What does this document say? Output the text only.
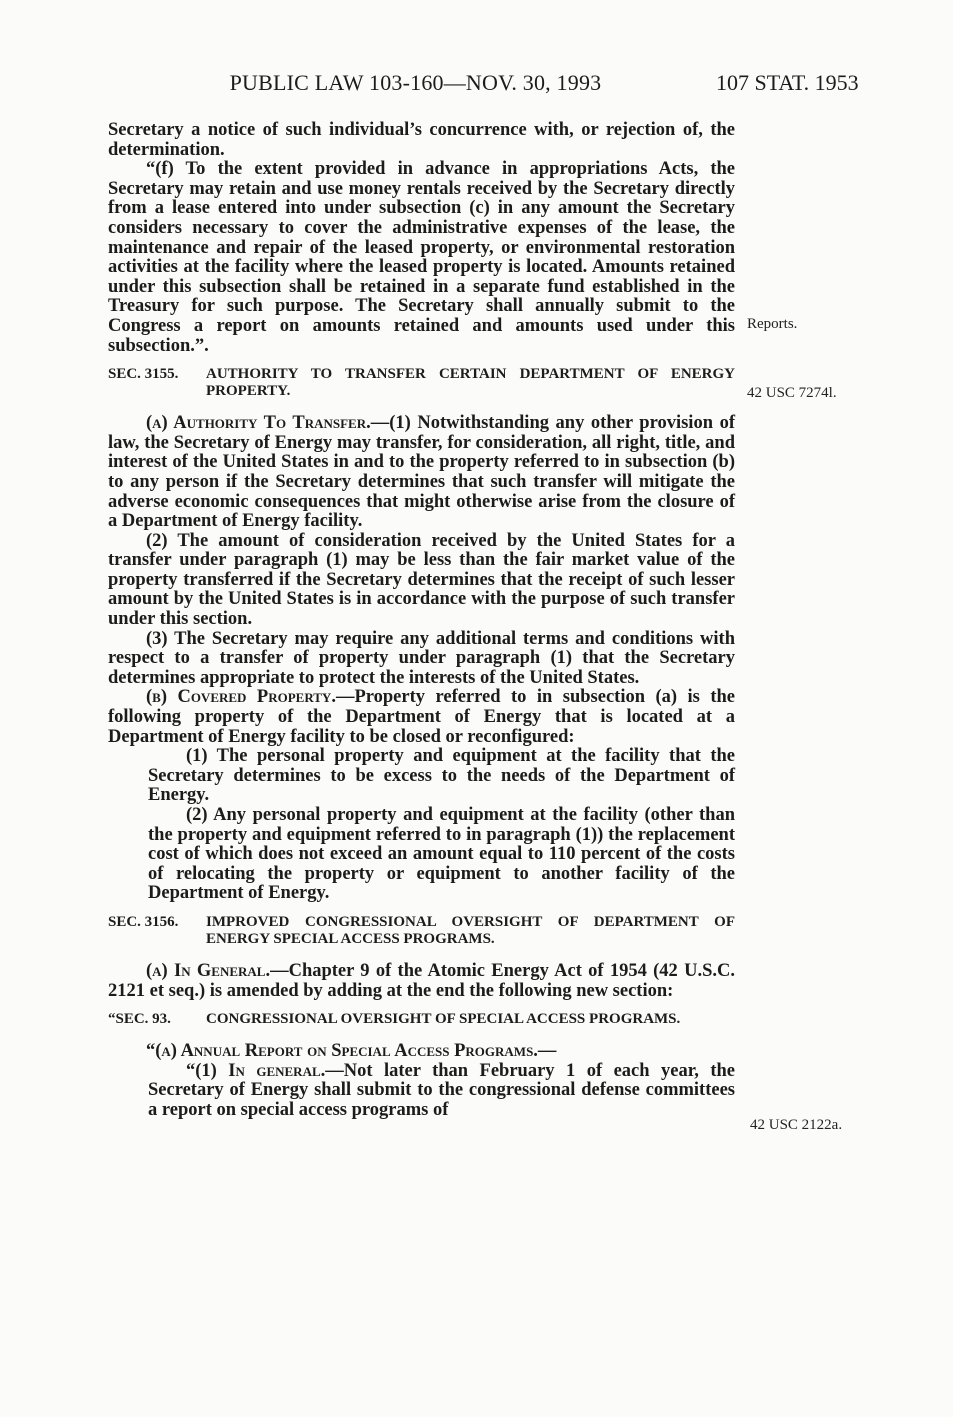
PUBLIC LAW 103-160—NOV. 30, 1993	107 STAT. 1953
Reports.
42 USC 7274l.
42 USC 2122a.

Secretary a notice of such individual’s concurrence with, or rejection of, the determination.

“(f) To the extent provided in advance in appropriations Acts, the Secretary may retain and use money rentals received by the Secretary directly from a lease entered into under subsection (c) in any amount the Secretary considers necessary to cover the administrative expenses of the lease, the maintenance and repair of the leased property, or environmental restoration activities at the facility where the leased property is located. Amounts retained under this subsection shall be retained in a separate fund established in the Treasury for such purpose. The Secretary shall annually submit to the Congress a report on amounts retained and amounts used under this subsection.”.

SEC. 3155. AUTHORITY TO TRANSFER CERTAIN DEPARTMENT OF ENERGY PROPERTY.

(a) Authority To Transfer.—(1) Notwithstanding any other provision of law, the Secretary of Energy may transfer, for consideration, all right, title, and interest of the United States in and to the property referred to in subsection (b) to any person if the Secretary determines that such transfer will mitigate the adverse economic consequences that might otherwise arise from the closure of a Department of Energy facility.

(2) The amount of consideration received by the United States for a transfer under paragraph (1) may be less than the fair market value of the property transferred if the Secretary determines that the receipt of such lesser amount by the United States is in accordance with the purpose of such transfer under this section.

(3) The Secretary may require any additional terms and conditions with respect to a transfer of property under paragraph (1) that the Secretary determines appropriate to protect the interests of the United States.

(b) Covered Property.—Property referred to in subsection (a) is the following property of the Department of Energy that is located at a Department of Energy facility to be closed or reconfigured:

(1) The personal property and equipment at the facility that the Secretary determines to be excess to the needs of the Department of Energy.

(2) Any personal property and equipment at the facility (other than the property and equipment referred to in paragraph (1)) the replacement cost of which does not exceed an amount equal to 110 percent of the costs of relocating the property or equipment to another facility of the Department of Energy.

SEC. 3156. IMPROVED CONGRESSIONAL OVERSIGHT OF DEPARTMENT OF ENERGY SPECIAL ACCESS PROGRAMS.

(a) In General.—Chapter 9 of the Atomic Energy Act of 1954 (42 U.S.C. 2121 et seq.) is amended by adding at the end the following new section:

“SEC. 93. CONGRESSIONAL OVERSIGHT OF SPECIAL ACCESS PROGRAMS.

“(a) Annual Report on Special Access Programs.—

“(1) In general.—Not later than February 1 of each year, the Secretary of Energy shall submit to the congressional defense committees a report on special access programs of
